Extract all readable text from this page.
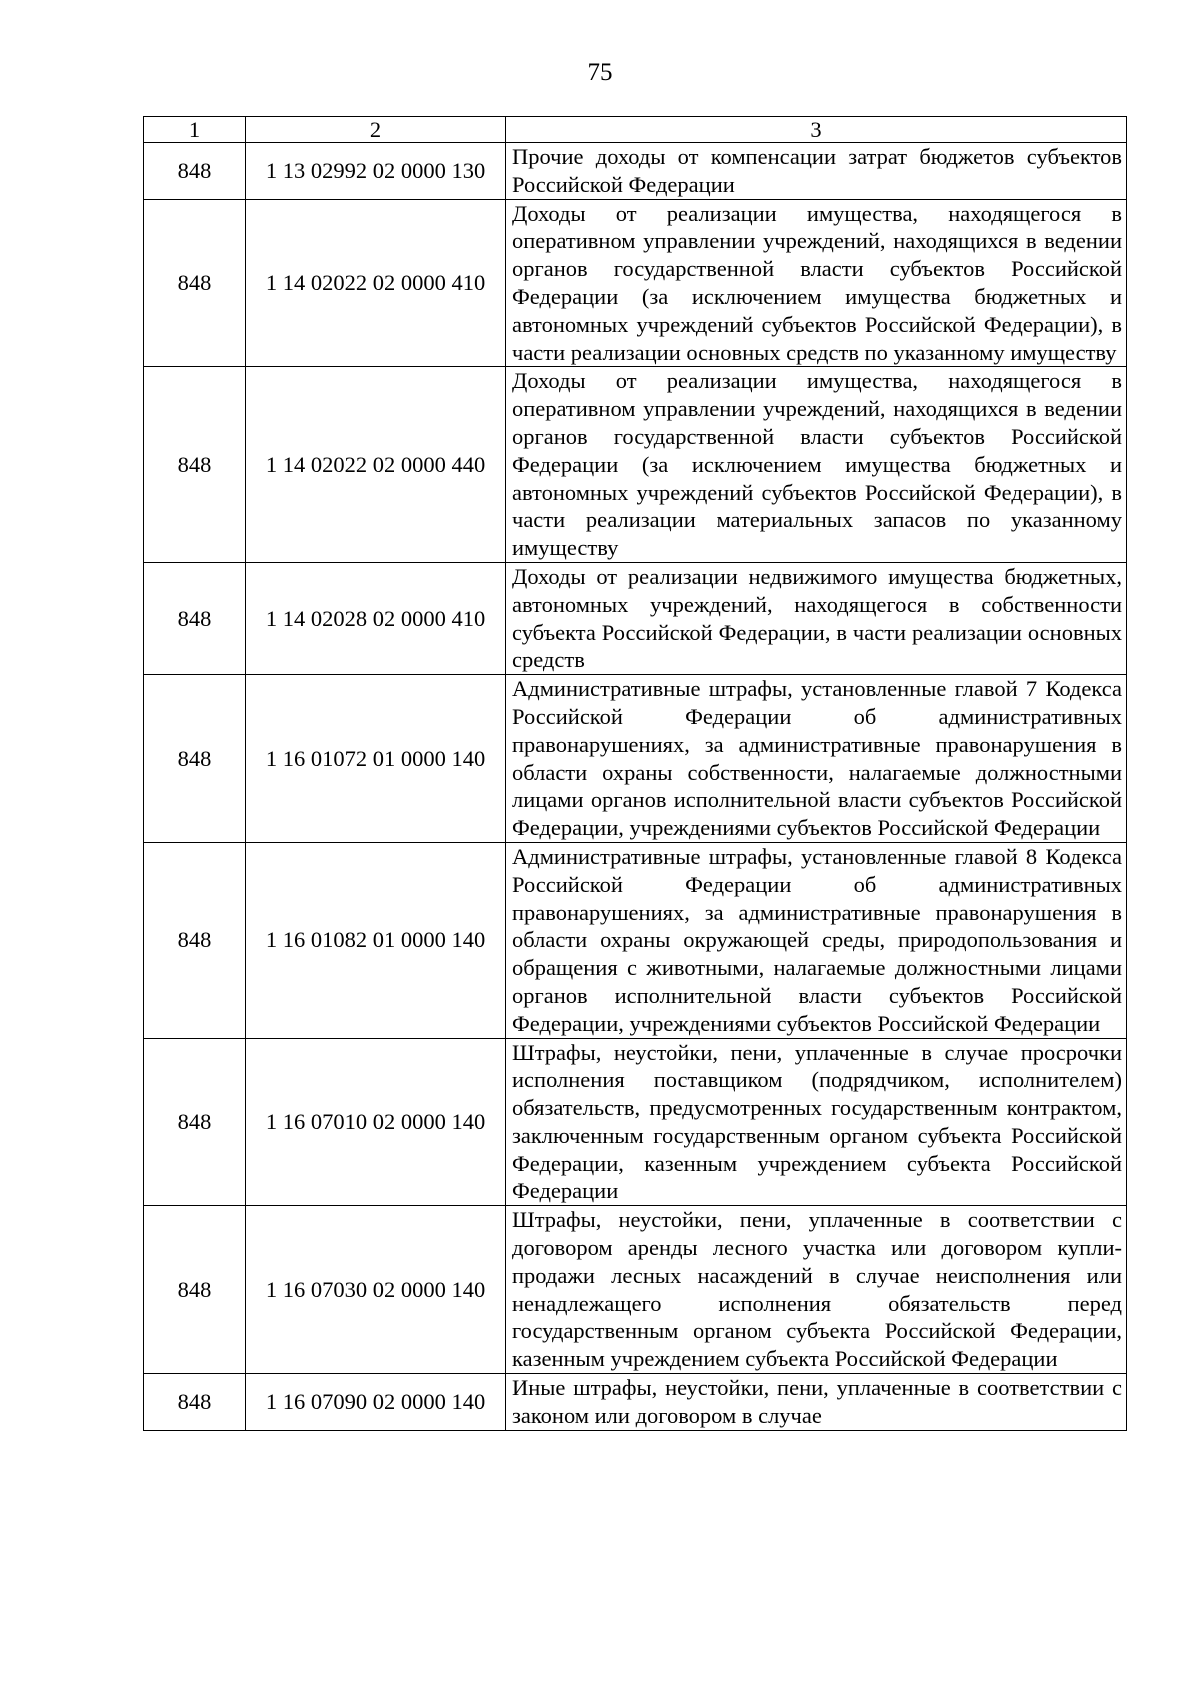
75
1	2	3
848	1 13 02992 02 0000 130	Прочие доходы от компенсации затрат бюджетов субъектов Российской Федерации
848	1 14 02022 02 0000 410	Доходы от реализации имущества, находящегося в оперативном управлении учреждений, находящихся в ведении органов государственной власти субъектов Российской Федерации (за исключением имущества бюджетных и автономных учреждений субъектов Российской Федерации), в части реализации основных средств по указанному имуществу
848	1 14 02022 02 0000 440	Доходы от реализации имущества, находящегося в оперативном управлении учреждений, находящихся в ведении органов государственной власти субъектов Российской Федерации (за исключением имущества бюджетных и автономных учреждений субъектов Российской Федерации), в части реализации материальных запасов по указанному имуществу
848	1 14 02028 02 0000 410	Доходы от реализации недвижимого имущества бюджетных, автономных учреждений, находящегося в собственности субъекта Российской Федерации, в части реализации основных средств
848	1 16 01072 01 0000 140	Административные штрафы, установленные главой 7 Кодекса Российской Федерации об административных правонарушениях, за административные правонарушения в области охраны собственности, налагаемые должностными лицами органов исполнительной власти субъектов Российской Федерации, учреждениями субъектов Российской Федерации
848	1 16 01082 01 0000 140	Административные штрафы, установленные главой 8 Кодекса Российской Федерации об административных правонарушениях, за административные правонарушения в области охраны окружающей среды, природопользования и обращения с животными, налагаемые должностными лицами органов исполнительной власти субъектов Российской Федерации, учреждениями субъектов Российской Федерации
848	1 16 07010 02 0000 140	Штрафы, неустойки, пени, уплаченные в случае просрочки исполнения поставщиком (подрядчиком, исполнителем) обязательств, предусмотренных государственным контрактом, заключенным государственным органом субъекта Российской Федерации, казенным учреждением субъекта Российской Федерации
848	1 16 07030 02 0000 140	Штрафы, неустойки, пени, уплаченные в соответствии с договором аренды лесного участка или договором купли-продажи лесных насаждений в случае неисполнения или ненадлежащего исполнения обязательств перед государственным органом субъекта Российской Федерации, казенным учреждением субъекта Российской Федерации
848	1 16 07090 02 0000 140	Иные штрафы, неустойки, пени, уплаченные в соответствии с законом или договором в случае
